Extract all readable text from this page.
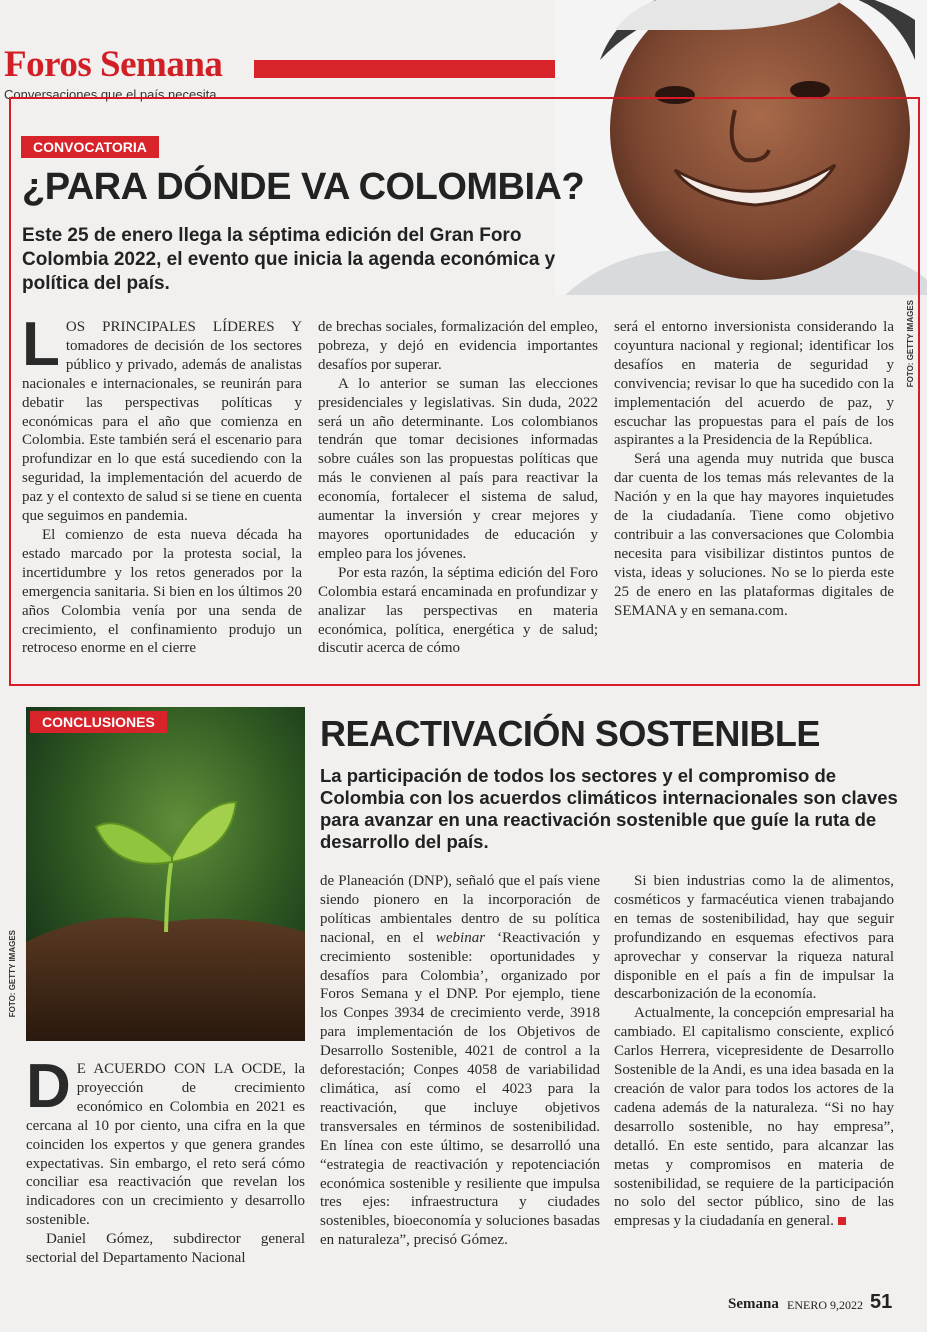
Foros Semana
Conversaciones que el país necesita
CONVOCATORIA
¿PARA DÓNDE VA COLOMBIA?
Este 25 de enero llega la séptima edición del Gran Foro Colombia 2022, el evento que inicia la agenda económica y política del país.
FOTO: GETTY IMAGES

LOS PRINCIPALES LÍDERES Y tomadores de decisión de los sectores público y privado, además de analistas nacionales e internacionales, se reunirán para debatir las perspectivas políticas y económicas para el año que comienza en Colombia. Este también será el escenario para profundizar en lo que está sucediendo con la seguridad, la implementación del acuerdo de paz y el contexto de salud si se tiene en cuenta que seguimos en pandemia.

El comienzo de esta nueva década ha estado marcado por la protesta social, la incertidumbre y los retos generados por la emergencia sanitaria. Si bien en los últimos 20 años Colombia venía por una senda de crecimiento, el confinamiento produjo un retroceso enorme en el cierre

de brechas sociales, formalización del empleo, pobreza, y dejó en evidencia importantes desafíos por superar.

A lo anterior se suman las elecciones presidenciales y legislativas. Sin duda, 2022 será un año determinante. Los colombianos tendrán que tomar decisiones informadas sobre cuáles son las propuestas políticas que más le convienen al país para reactivar la economía, fortalecer el sistema de salud, aumentar la inversión y crear mejores y mayores oportunidades de educación y empleo para los jóvenes.

Por esta razón, la séptima edición del Foro Colombia estará encaminada en profundizar y analizar las perspectivas en materia económica, política, energética y de salud; discutir acerca de cómo

será el entorno inversionista considerando la coyuntura nacional y regional; identificar los desafíos en materia de seguridad y convivencia; revisar lo que ha sucedido con la implementación del acuerdo de paz, y escuchar las propuestas para el país de los aspirantes a la Presidencia de la República.

Será una agenda muy nutrida que busca dar cuenta de los temas más relevantes de la Nación y en la que hay mayores inquietudes de la ciudadanía. Tiene como objetivo contribuir a las conversaciones que Colombia necesita para visibilizar distintos puntos de vista, ideas y soluciones. No se lo pierda este 25 de enero en las plataformas digitales de SEMANA y en semana.com.

CONCLUSIONES
FOTO: GETTY IMAGES
REACTIVACIÓN SOSTENIBLE
La participación de todos los sectores y el compromiso de Colombia con los acuerdos climáticos internacionales son claves para avanzar en una reactivación sostenible que guíe la ruta de desarrollo del país.

D E ACUERDO CON LA OCDE, la proyección de crecimiento económico en Colombia en 2021 es cercana al 10 por ciento, una cifra en la que coinciden los expertos y que genera grandes expectativas. Sin embargo, el reto será cómo conciliar esa reactivación que revelan los indicadores con un crecimiento y desarrollo sostenible.

Daniel Gómez, subdirector general sectorial del Departamento Nacional

de Planeación (DNP), señaló que el país viene siendo pionero en la incorporación de políticas ambientales dentro de su política nacional, en el webinar ‘Reactivación y crecimiento sostenible: oportunidades y desafíos para Colombia’, organizado por Foros Semana y el DNP. Por ejemplo, tiene los Conpes 3934 de crecimiento verde, 3918 para implementación de los Objetivos de Desarrollo Sostenible, 4021 de control a la deforestación; Conpes 4058 de variabilidad climática, así como el 4023 para la reactivación, que incluye objetivos transversales en términos de sostenibilidad. En línea con este último, se desarrolló una “estrategia de reactivación y repotenciación económica sostenible y resiliente que impulsa tres ejes: infraestructura y ciudades sostenibles, bioeconomía y soluciones basadas en naturaleza”, precisó Gómez.

Si bien industrias como la de alimentos, cosméticos y farmacéutica vienen trabajando en temas de sostenibilidad, hay que seguir profundizando en esquemas efectivos para aprovechar y conservar la riqueza natural disponible en el país a fin de impulsar la descarbonización de la economía.

Actualmente, la concepción empresarial ha cambiado. El capitalismo consciente, explicó Carlos Herrera, vicepresidente de Desarrollo Sostenible de la Andi, es una idea basada en la creación de valor para todos los actores de la cadena además de la naturaleza. “Si no hay desarrollo sostenible, no hay empresa”, detalló. En este sentido, para alcanzar las metas y compromisos en materia de sostenibilidad, se requiere de la participación no solo del sector público, sino de las empresas y la ciudadanía en general.

Semana ENERO 9,2022 51
